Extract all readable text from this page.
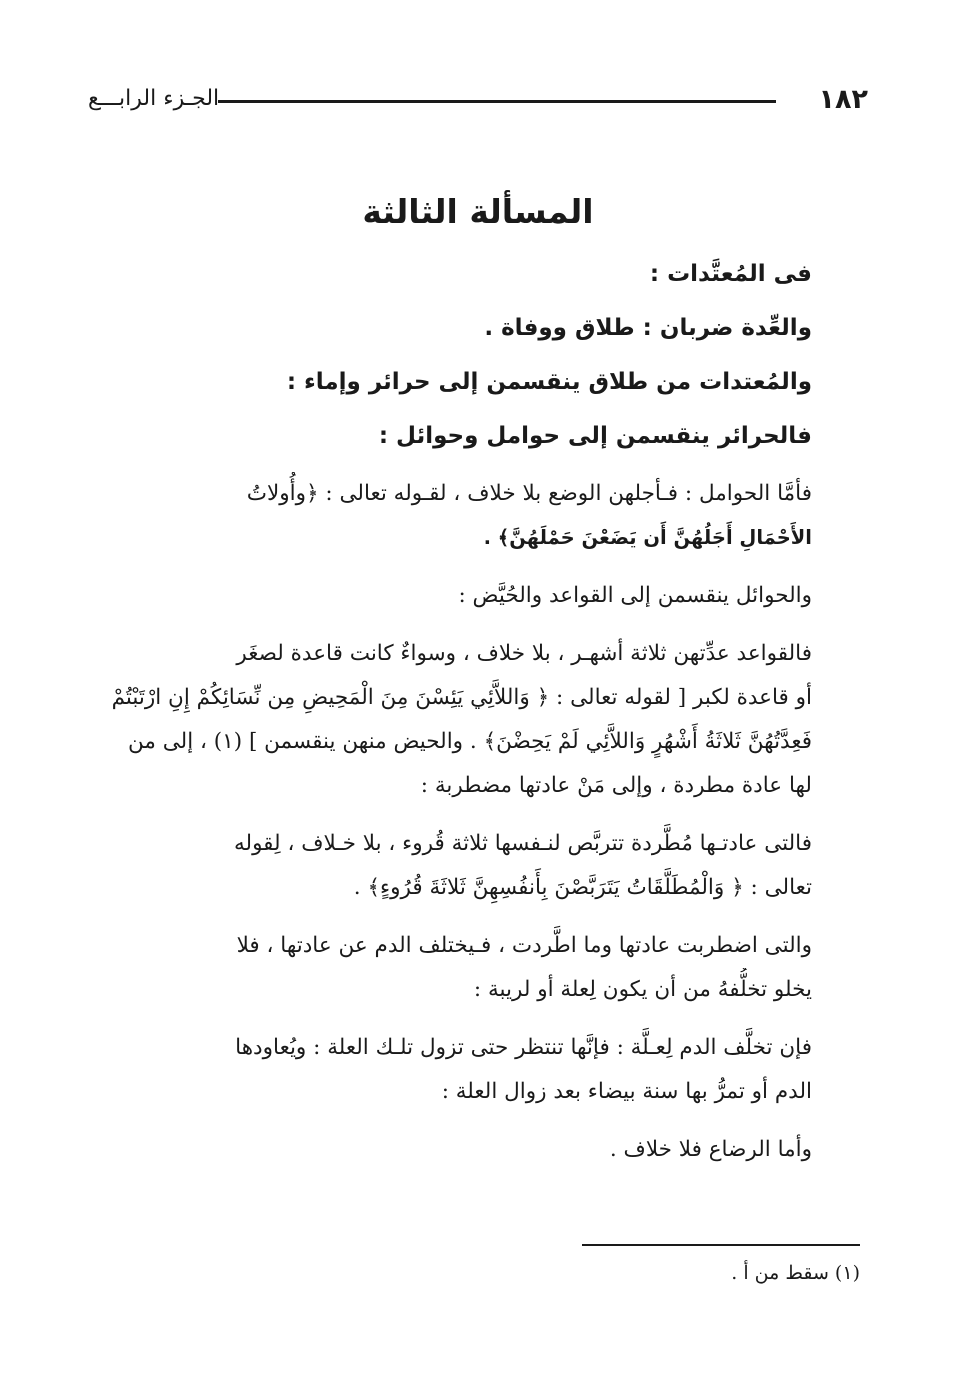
١٨٢
الجـزء الرابـــع
المسألة الثالثة
فى المُعتَّدات :
والعِّدة ضربان : طلاق ووفاة .
والمُعتدات من طلاق ينقسمن إلى حرائر وإماء :
فالحرائر ينقسمن إلى حوامل وحوائل :
فأمَّا الحوامل : فـأجلهن الوضع بلا خلاف ، لقـوله تعالى : ﴿وأُولاتُ
الأَحْمَالِ أَجَلُهُنَّ أَن يَضَعْنَ حَمْلَهُنَّ﴾ .
والحوائل ينقسمن إلى القواعد والحُيَّض :
فالقواعد عدِّتهن ثلاثة أشهـر ، بلا خلاف ، وسواءٌ كانت قاعدة لصغَر
أو قاعدة لكبر [ لقوله تعالى : ﴿ وَاللاَّئِي يَئِسْنَ مِنَ الْمَحِيضِ مِن نِّسَائِكُمْ إِنِ ارْتَبْتُمْ
فَعِدَّتُهُنَّ ثَلاثَةُ أَشْهُرٍ وَاللاَّئِي لَمْ يَحِضْنَ﴾ . والحيض منهن ينقسمن ] (١) ، إلى من
لها عادة مطردة ، وإلى مَنْ عادتها مضطربة :
فالتى عادتـها مُطَّردة تتربَّص لنـفسها ثلاثة قُروء ، بلا خـلاف ، لِقوله
تعالى : ﴿ وَالْمُطَلَّقَاتُ يَتَرَبَّصْنَ بِأَنفُسِهِنَّ ثَلاثَةَ قُرُوءٍ﴾ .
والتى اضطربت عادتها وما اطَّردت ، فـيختلف الدم عن عادتها ، فلا
يخلو تخلُّفهُ من أن يكون لِعلة أو لريبة :
فإن تخلَّف الدم لِعـلَّة : فإنَّها تنتظر حتى تزول تلـك العلة : ويُعاودها
الدم أو تمرُّ بها سنة بيضاء بعد زوال العلة :
وأما الرضاع فلا خلاف .
(١) سقط من أ .
